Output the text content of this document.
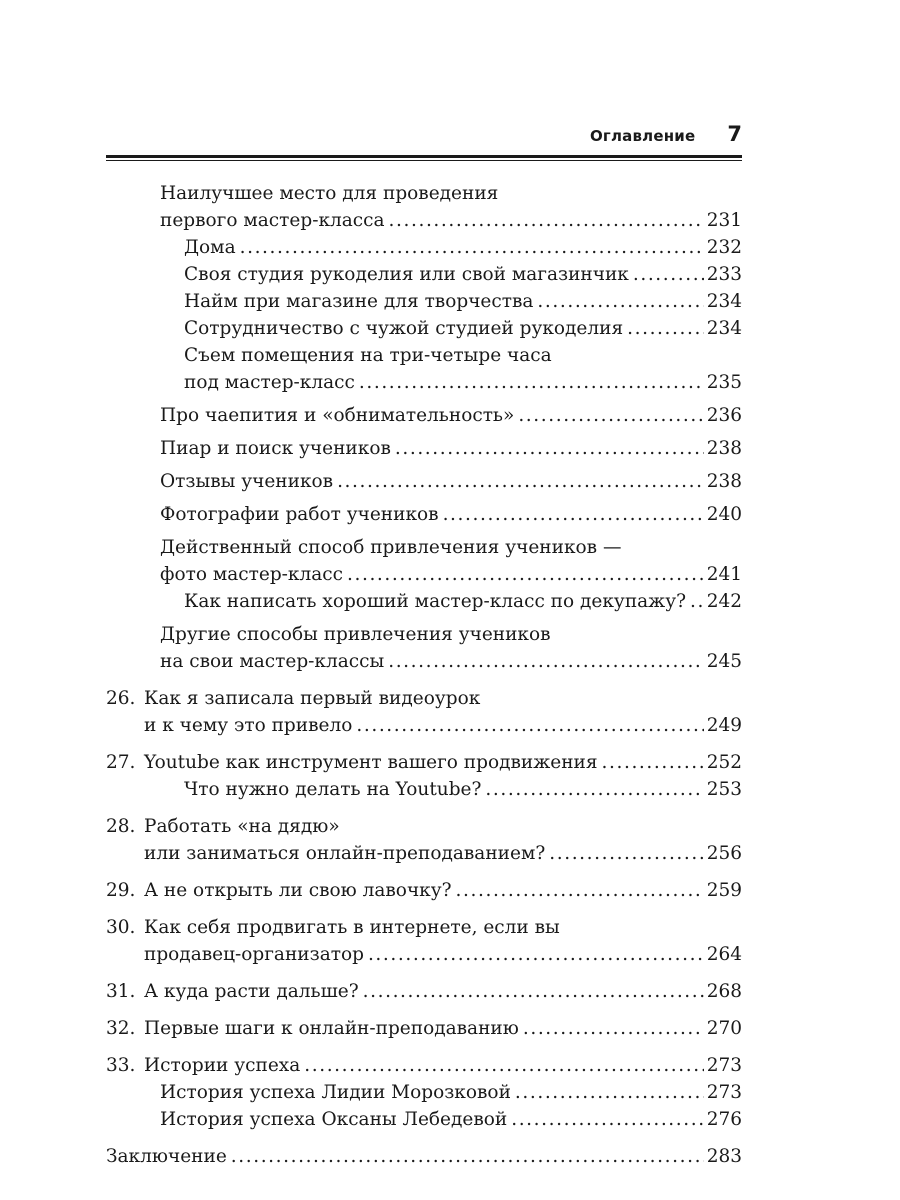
Оглавление 7
Наилучшее место для проведения
первого мастер-класса .....	231
Дома .....	232
Своя студия рукоделия или свой магазинчик .....	233
Найм при магазине для творчества .....	234
Сотрудничество с чужой студией рукоделия .....	234
Съем помещения на три-четыре часа
под мастер-класс .....	235
Про чаепития и «обнимательность» .....	236
Пиар и поиск учеников .....	238
Отзывы учеников .....	238
Фотографии работ учеников .....	240
Действенный способ привлечения учеников —
фото мастер-класс .....	241
Как написать хороший мастер-класс по декупажу? ..... 242
Другие способы привлечения учеников
на свои мастер-классы .....	245
26. Как я записала первый видеоурок
и к чему это привело .....	249
27. Youtube как инструмент вашего продвижения .....	252
Что нужно делать на Youtube? .....	253
28. Работать «на дядю»
или заниматься онлайн-преподаванием? .....	256
29. А не открыть ли свою лавочку? .....	259
30. Как себя продвигать в интернете, если вы
продавец-организатор .....	264
31. А куда расти дальше? .....	268
32. Первые шаги к онлайн-преподаванию .....	270
33. Истории успеха .....	273
История успеха Лидии Морозковой .....	273
История успеха Оксаны Лебедевой .....	276
Заключение .....	283
